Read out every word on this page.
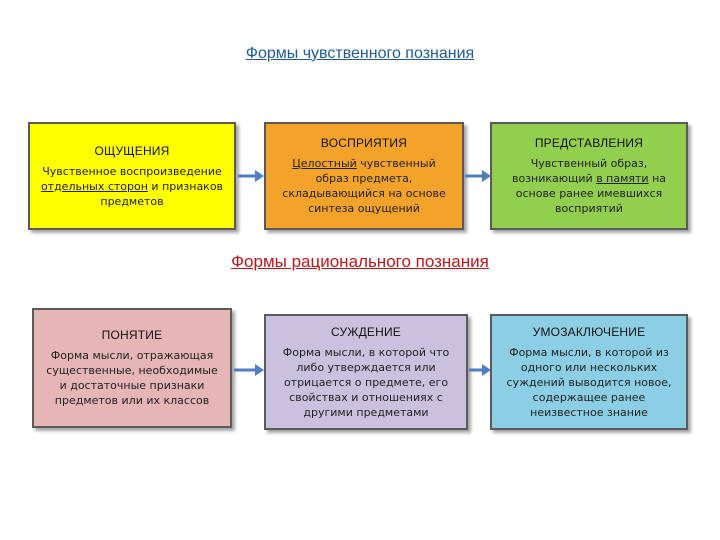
Формы чувственного познания
ОЩУЩЕНИЯ
Чувственное воспроизведение отдельных сторон и признаков предметов
ВОСПРИЯТИЯ
Целостный чувственный образ предмета, складывающийся на основе синтеза ощущений
ПРЕДСТАВЛЕНИЯ
Чувственный образ, возникающий в памяти на основе ранее имевшихся восприятий
Формы рационального познания
ПОНЯТИЕ
Форма мысли, отражающая существенные, необходимые и достаточные признаки предметов или их классов
СУЖДЕНИЕ
Форма мысли, в которой что либо утверждается или отрицается о предмете, его свойствах и отношениях с другими предметами
УМОЗАКЛЮЧЕНИЕ
Форма мысли, в которой из одного или нескольких суждений выводится новое, содержащее ранее неизвестное знание
